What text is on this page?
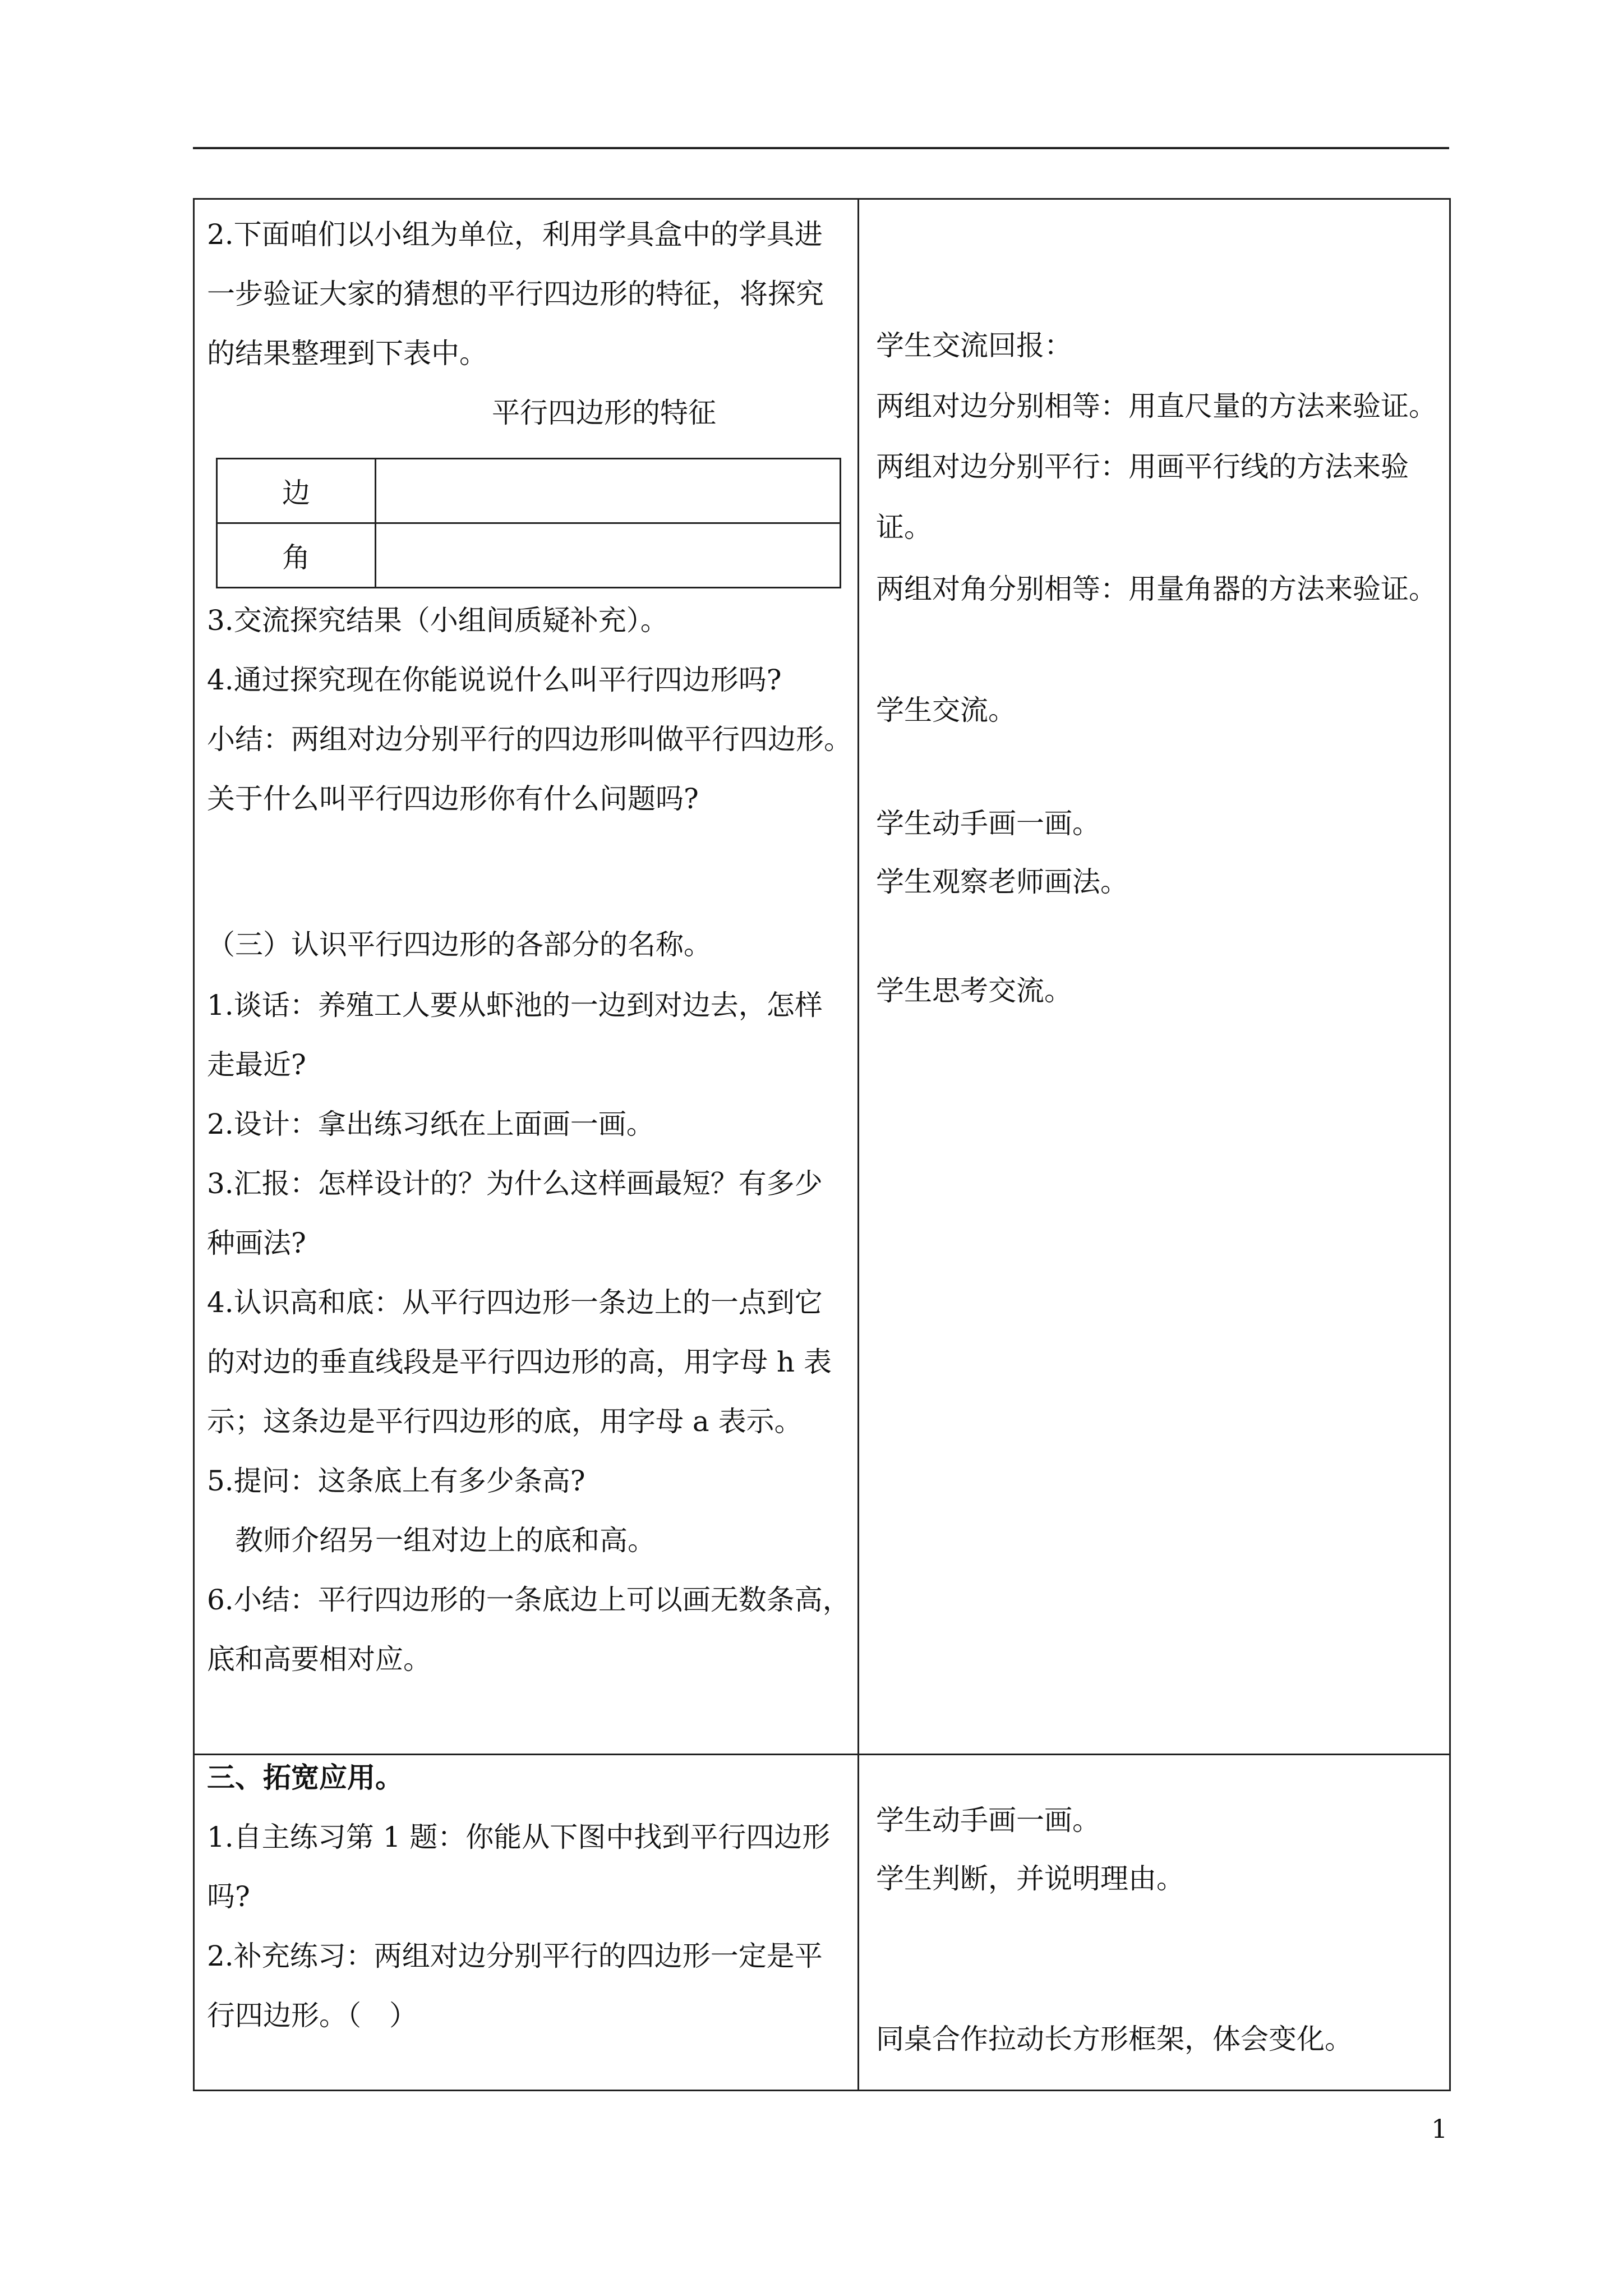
2.下面咱们以小组为单位，利用学具盒中的学具进
一步验证大家的猜想的平行四边形的特征，将探究
的结果整理到下表中。
平行四边形的特征
边	
角	
3.交流探究结果（小组间质疑补充）。
4.通过探究现在你能说说什么叫平行四边形吗?
小结：两组对边分别平行的四边形叫做平行四边形。
关于什么叫平行四边形你有什么问题吗?
（三）认识平行四边形的各部分的名称。
1.谈话：养殖工人要从虾池的一边到对边去，怎样
走最近?
2.设计：拿出练习纸在上面画一画。
3.汇报：怎样设计的？为什么这样画最短？有多少
种画法?
4.认识高和底：从平行四边形一条边上的一点到它
的对边的垂直线段是平行四边形的高，用字母 h 表
示；这条边是平行四边形的底，用字母 a 表示。
5.提问：这条底上有多少条高?
教师介绍另一组对边上的底和高。
6.小结：平行四边形的一条底边上可以画无数条高，
底和高要相对应。
学生交流回报：
两组对边分别相等：用直尺量的方法来验证。
两组对边分别平行：用画平行线的方法来验
证。
两组对角分别相等：用量角器的方法来验证。
学生交流。
学生动手画一画。
学生观察老师画法。
学生思考交流。
三、拓宽应用。
1.自主练习第 1 题：你能从下图中找到平行四边形
吗?
2.补充练习：两组对边分别平行的四边形一定是平
行四边形。（　）
学生动手画一画。
学生判断，并说明理由。
同桌合作拉动长方形框架，体会变化。
1
